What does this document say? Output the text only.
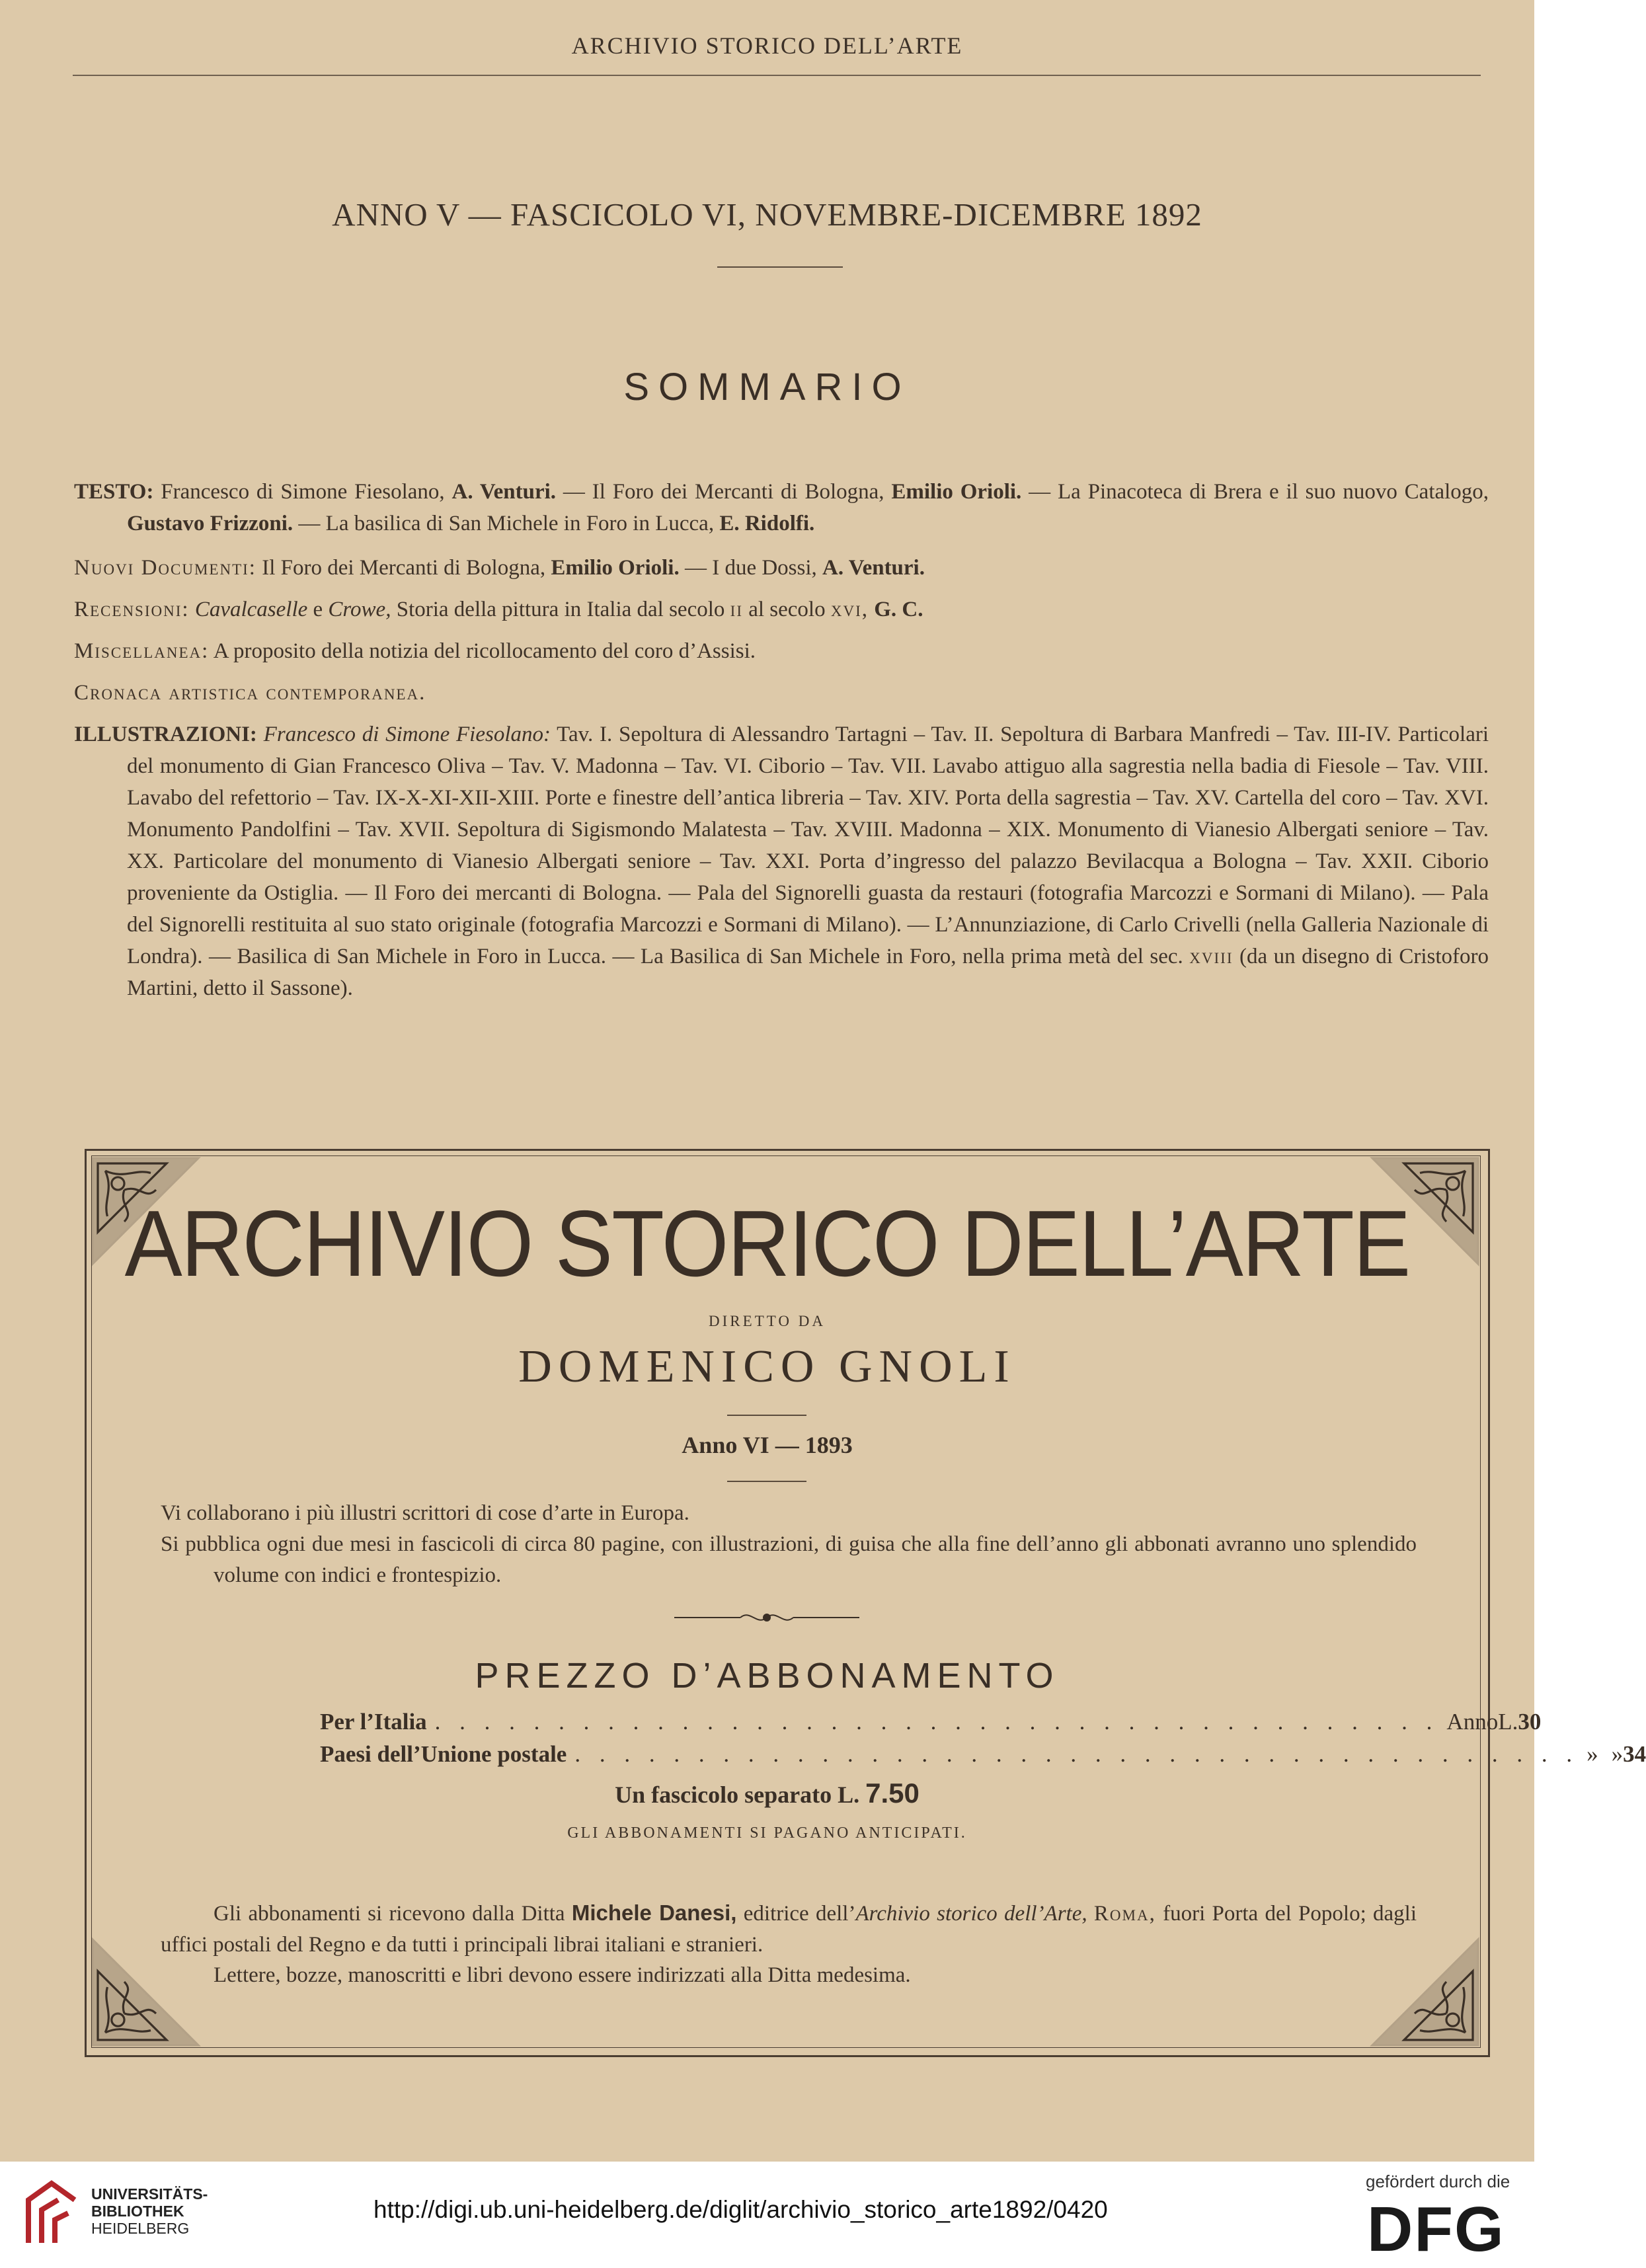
ARCHIVIO STORICO DELL’ARTE
ANNO V — FASCICOLO VI, NOVEMBRE-DICEMBRE 1892
SOMMARIO
TESTO: Francesco di Simone Fiesolano, A. Venturi. — Il Foro dei Mercanti di Bologna, Emilio Orioli. — La Pinacoteca di Brera e il suo nuovo Catalogo, Gustavo Frizzoni. — La basilica di San Michele in Foro in Lucca, E. Ridolfi.
Nuovi Documenti: Il Foro dei Mercanti di Bologna, Emilio Orioli. — I due Dossi, A. Venturi.
Recensioni: Cavalcaselle e Crowe, Storia della pittura in Italia dal secolo ii al secolo xvi, G. C.
Miscellanea: A proposito della notizia del ricollocamento del coro d’Assisi.
Cronaca artistica contemporanea.
ILLUSTRAZIONI: Francesco di Simone Fiesolano: Tav. I. Sepoltura di Alessandro Tartagni – Tav. II. Sepoltura di Barbara Manfredi – Tav. III-IV. Particolari del monumento di Gian Francesco Oliva – Tav. V. Madonna – Tav. VI. Ciborio – Tav. VII. Lavabo attiguo alla sagrestia nella badia di Fiesole – Tav. VIII. Lavabo del refettorio – Tav. IX-X-XI-XII-XIII. Porte e finestre dell’antica libreria – Tav. XIV. Porta della sagrestia – Tav. XV. Cartella del coro – Tav. XVI. Monumento Pandolfini – Tav. XVII. Sepoltura di Sigismondo Malatesta – Tav. XVIII. Madonna – XIX. Monumento di Vianesio Albergati seniore – Tav. XX. Particolare del monumento di Vianesio Albergati seniore – Tav. XXI. Porta d’ingresso del palazzo Bevilacqua a Bologna – Tav. XXII. Ciborio proveniente da Ostiglia. — Il Foro dei mercanti di Bologna. — Pala del Signorelli guasta da restauri (fotografia Marcozzi e Sormani di Milano). — Pala del Signorelli restituita al suo stato originale (fotografia Marcozzi e Sormani di Milano). — L’Annunziazione, di Carlo Crivelli (nella Galleria Nazionale di Londra). — Basilica di San Michele in Foro in Lucca. — La Basilica di San Michele in Foro, nella prima metà del sec. xviii (da un disegno di Cristoforo Martini, detto il Sassone).
ARCHIVIO STORICO DELL’ARTE
DIRETTO DA
DOMENICO GNOLI
Anno VI — 1893
Vi collaborano i più illustri scrittori di cose d’arte in Europa.
Si pubblica ogni due mesi in fascicoli di circa 80 pagine, con illustrazioni, di guisa che alla fine dell’anno gli abbonati avranno uno splendido volume con indici e frontespizio.
PREZZO D’ABBONAMENTO
Per l’Italia . . . . . . . . . . . . . . . . . . . . . . . . . . . . . . . . . . . . . . . . . Anno L. 30
Paesi dell’Unione postale . . . . . . . . . . . . . . . . . . . . . . . . . . . . . . . . . . . . . . . . . » » 34
Un fascicolo separato L. 7.50
GLI ABBONAMENTI SI PAGANO ANTICIPATI.
Gli abbonamenti si ricevono dalla Ditta Michele Danesi, editrice dell’Archivio storico dell’Arte, Roma, fuori Porta del Popolo; dagli uffici postali del Regno e da tutti i principali librai italiani e stranieri.
Lettere, bozze, manoscritti e libri devono essere indirizzati alla Ditta medesima.
UNIVERSITÄTS-
BIBLIOTHEK
HEIDELBERG
http://digi.ub.uni-heidelberg.de/diglit/archivio_storico_arte1892/0420
gefördert durch die
DFG
